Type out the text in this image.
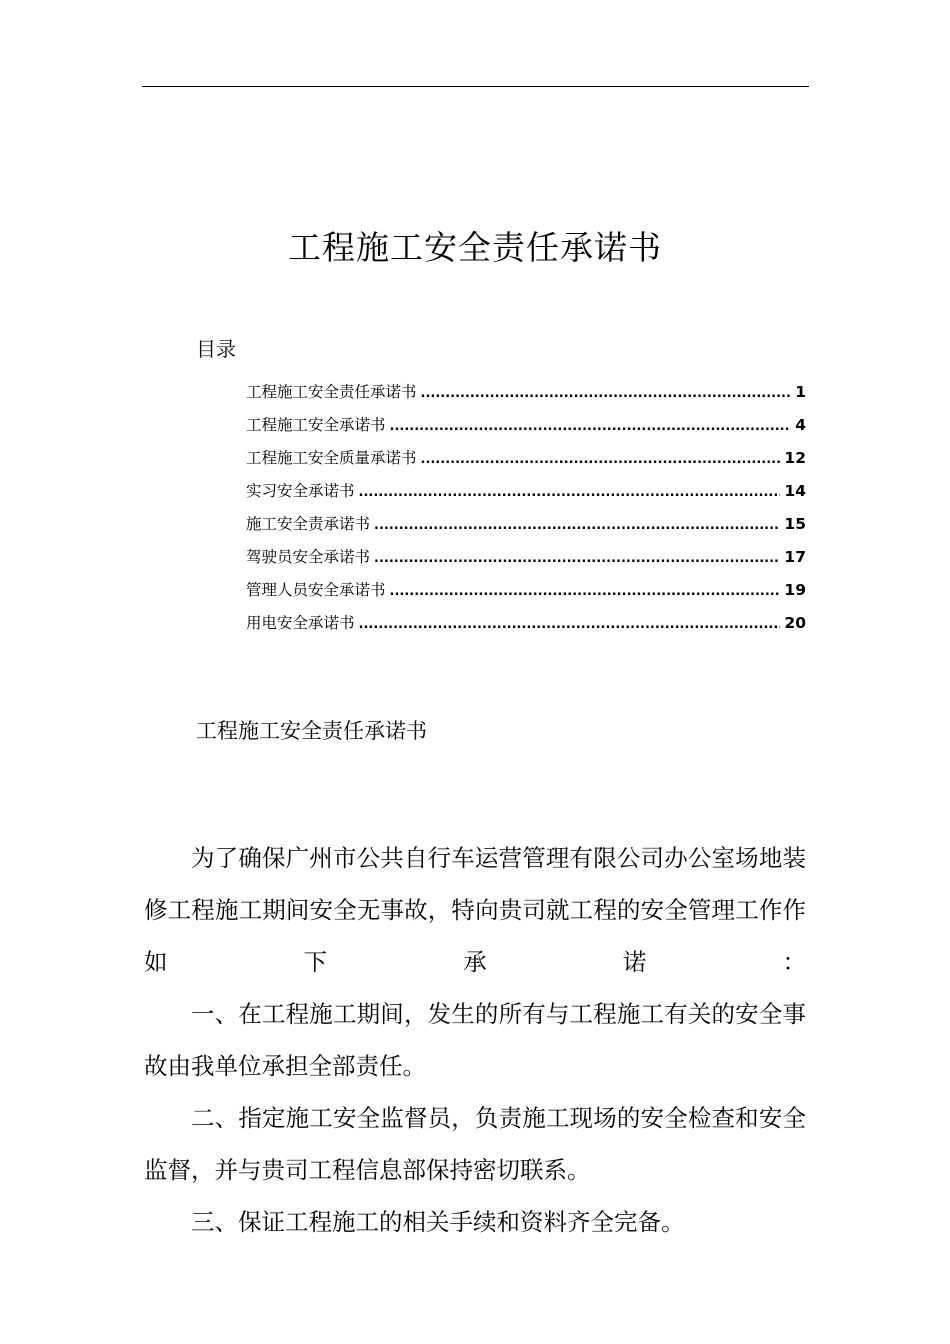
工程施工安全责任承诺书
目录
工程施工安全责任承诺书 .....	1
工程施工安全承诺书 .....	4
工程施工安全质量承诺书 .....	12
实习安全承诺书 .....	14
施工安全责承诺书 .....	15
驾驶员安全承诺书 .....	17
管理人员安全承诺书 .....	19
用电安全承诺书 .....	20
工程施工安全责任承诺书

为了确保广州市公共自行车运营管理有限公司办公室场地装修工程施工期间安全无事故，特向贵司就工程的安全管理工作作如下承诺：

一、在工程施工期间，发生的所有与工程施工有关的安全事故由我单位承担全部责任。

二、指定施工安全监督员，负责施工现场的安全检查和安全监督，并与贵司工程信息部保持密切联系。

三、保证工程施工的相关手续和资料齐全完备。
